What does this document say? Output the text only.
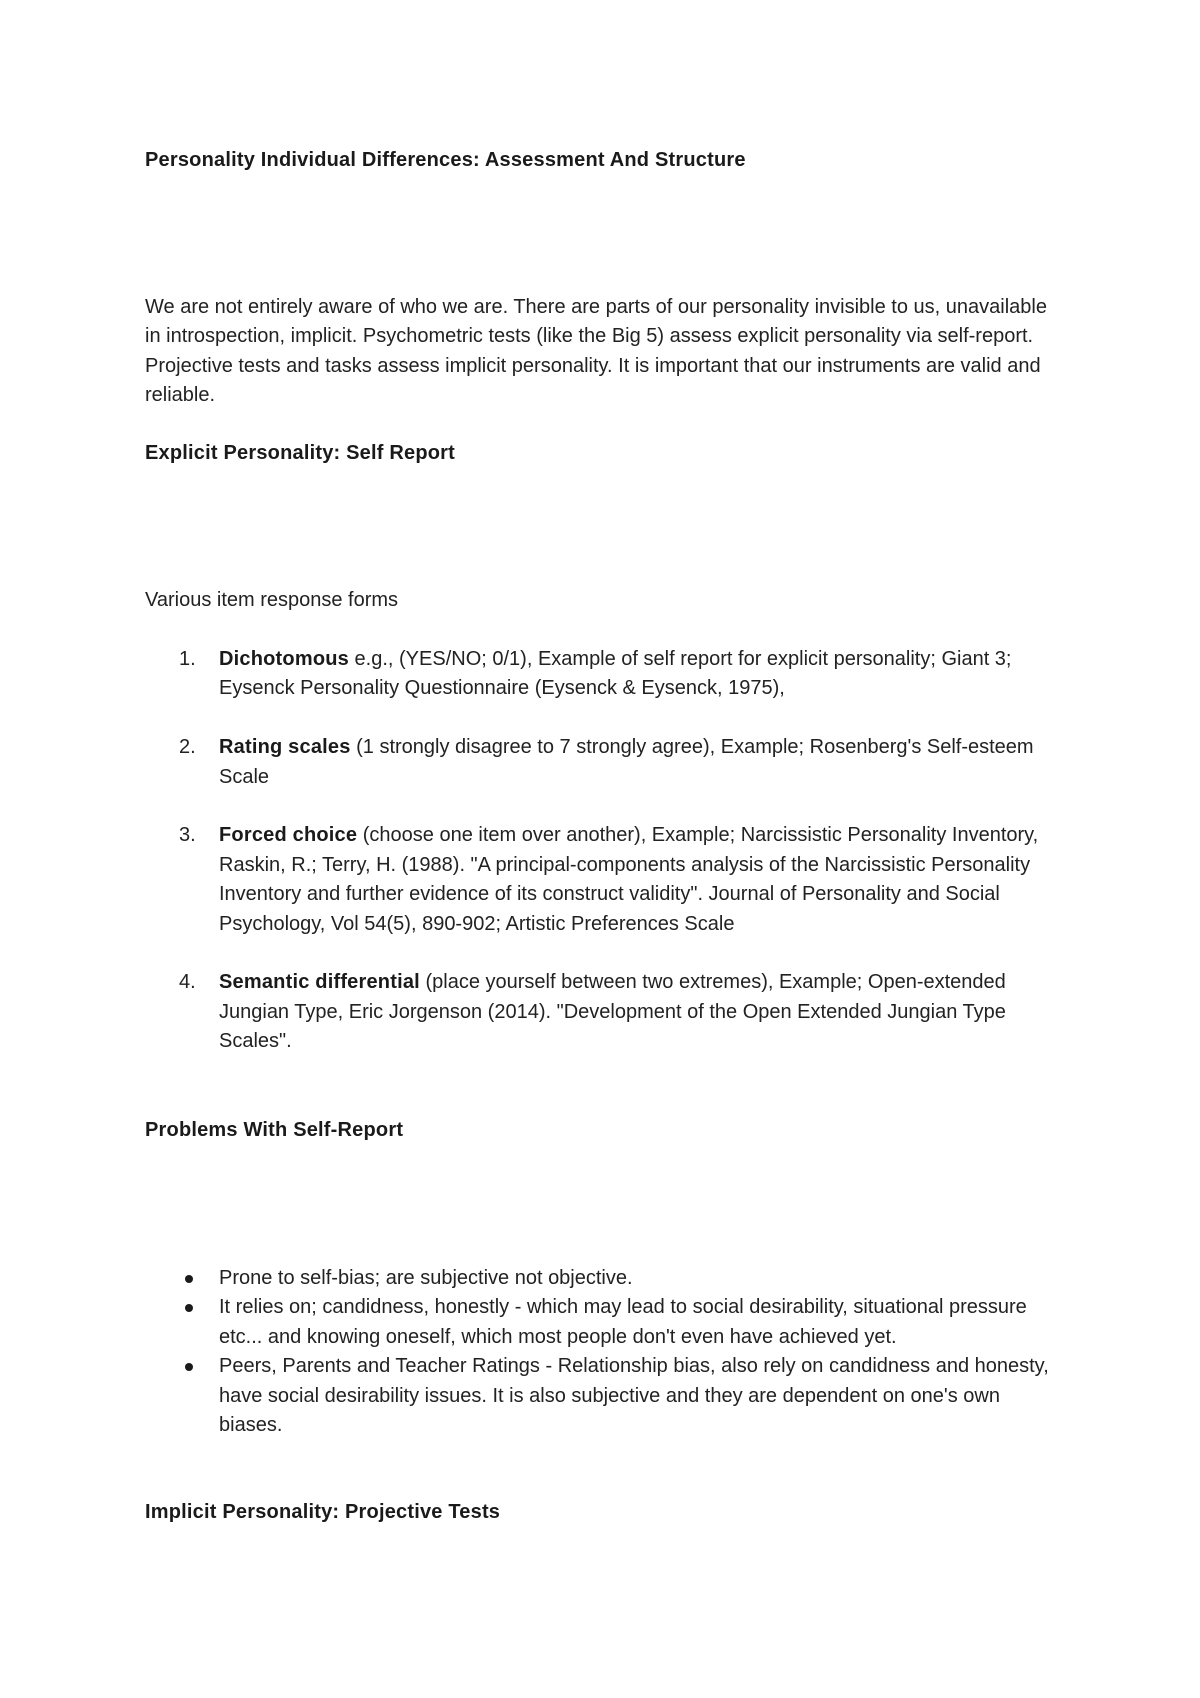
Personality Individual Differences: Assessment And Structure

We are not entirely aware of who we are. There are parts of our personality invisible to us, unavailable in introspection, implicit. Psychometric tests (like the Big 5) assess explicit personality via self-report. Projective tests and tasks assess implicit personality. It is important that our instruments are valid and reliable.

Explicit Personality: Self Report

Various item response forms

1. Dichotomous e.g., (YES/NO; 0/1), Example of self report for explicit personality; Giant 3; Eysenck Personality Questionnaire (Eysenck & Eysenck, 1975),
2. Rating scales (1 strongly disagree to 7 strongly agree), Example; Rosenberg's Self-esteem Scale
3. Forced choice (choose one item over another), Example; Narcissistic Personality Inventory, Raskin, R.; Terry, H. (1988). "A principal-components analysis of the Narcissistic Personality Inventory and further evidence of its construct validity". Journal of Personality and Social Psychology, Vol 54(5), 890-902; Artistic Preferences Scale
4. Semantic differential (place yourself between two extremes), Example; Open-extended Jungian Type, Eric Jorgenson (2014). "Development of the Open Extended Jungian Type Scales".
Problems With Self-Report
Prone to self-bias; are subjective not objective.
It relies on; candidness, honestly - which may lead to social desirability, situational pressure etc... and knowing oneself, which most people don't even have achieved yet.
Peers, Parents and Teacher Ratings - Relationship bias, also rely on candidness and honesty, have social desirability issues. It is also subjective and they are dependent on one's own biases.
Implicit Personality: Projective Tests
